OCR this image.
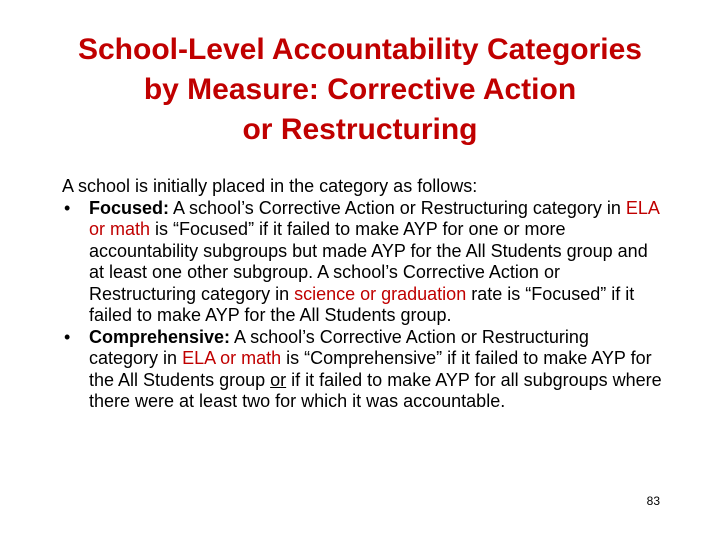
School-Level Accountability Categories
by Measure: Corrective Action
or Restructuring

A school is initially placed in the category as follows:

•	Focused: A school’s Corrective Action or Restructuring category in ELA or math is “Focused” if it failed to make AYP for one or more accountability subgroups but made AYP for the All Students group and at least one other subgroup. A school’s Corrective Action or Restructuring category in science or graduation rate is “Focused” if it failed to make AYP for the All Students group.

•	Comprehensive: A school’s Corrective Action or Restructuring category in ELA or math is “Comprehensive” if it failed to make AYP for the All Students group or if it failed to make AYP for all subgroups where there were at least two for which it was accountable.

83
